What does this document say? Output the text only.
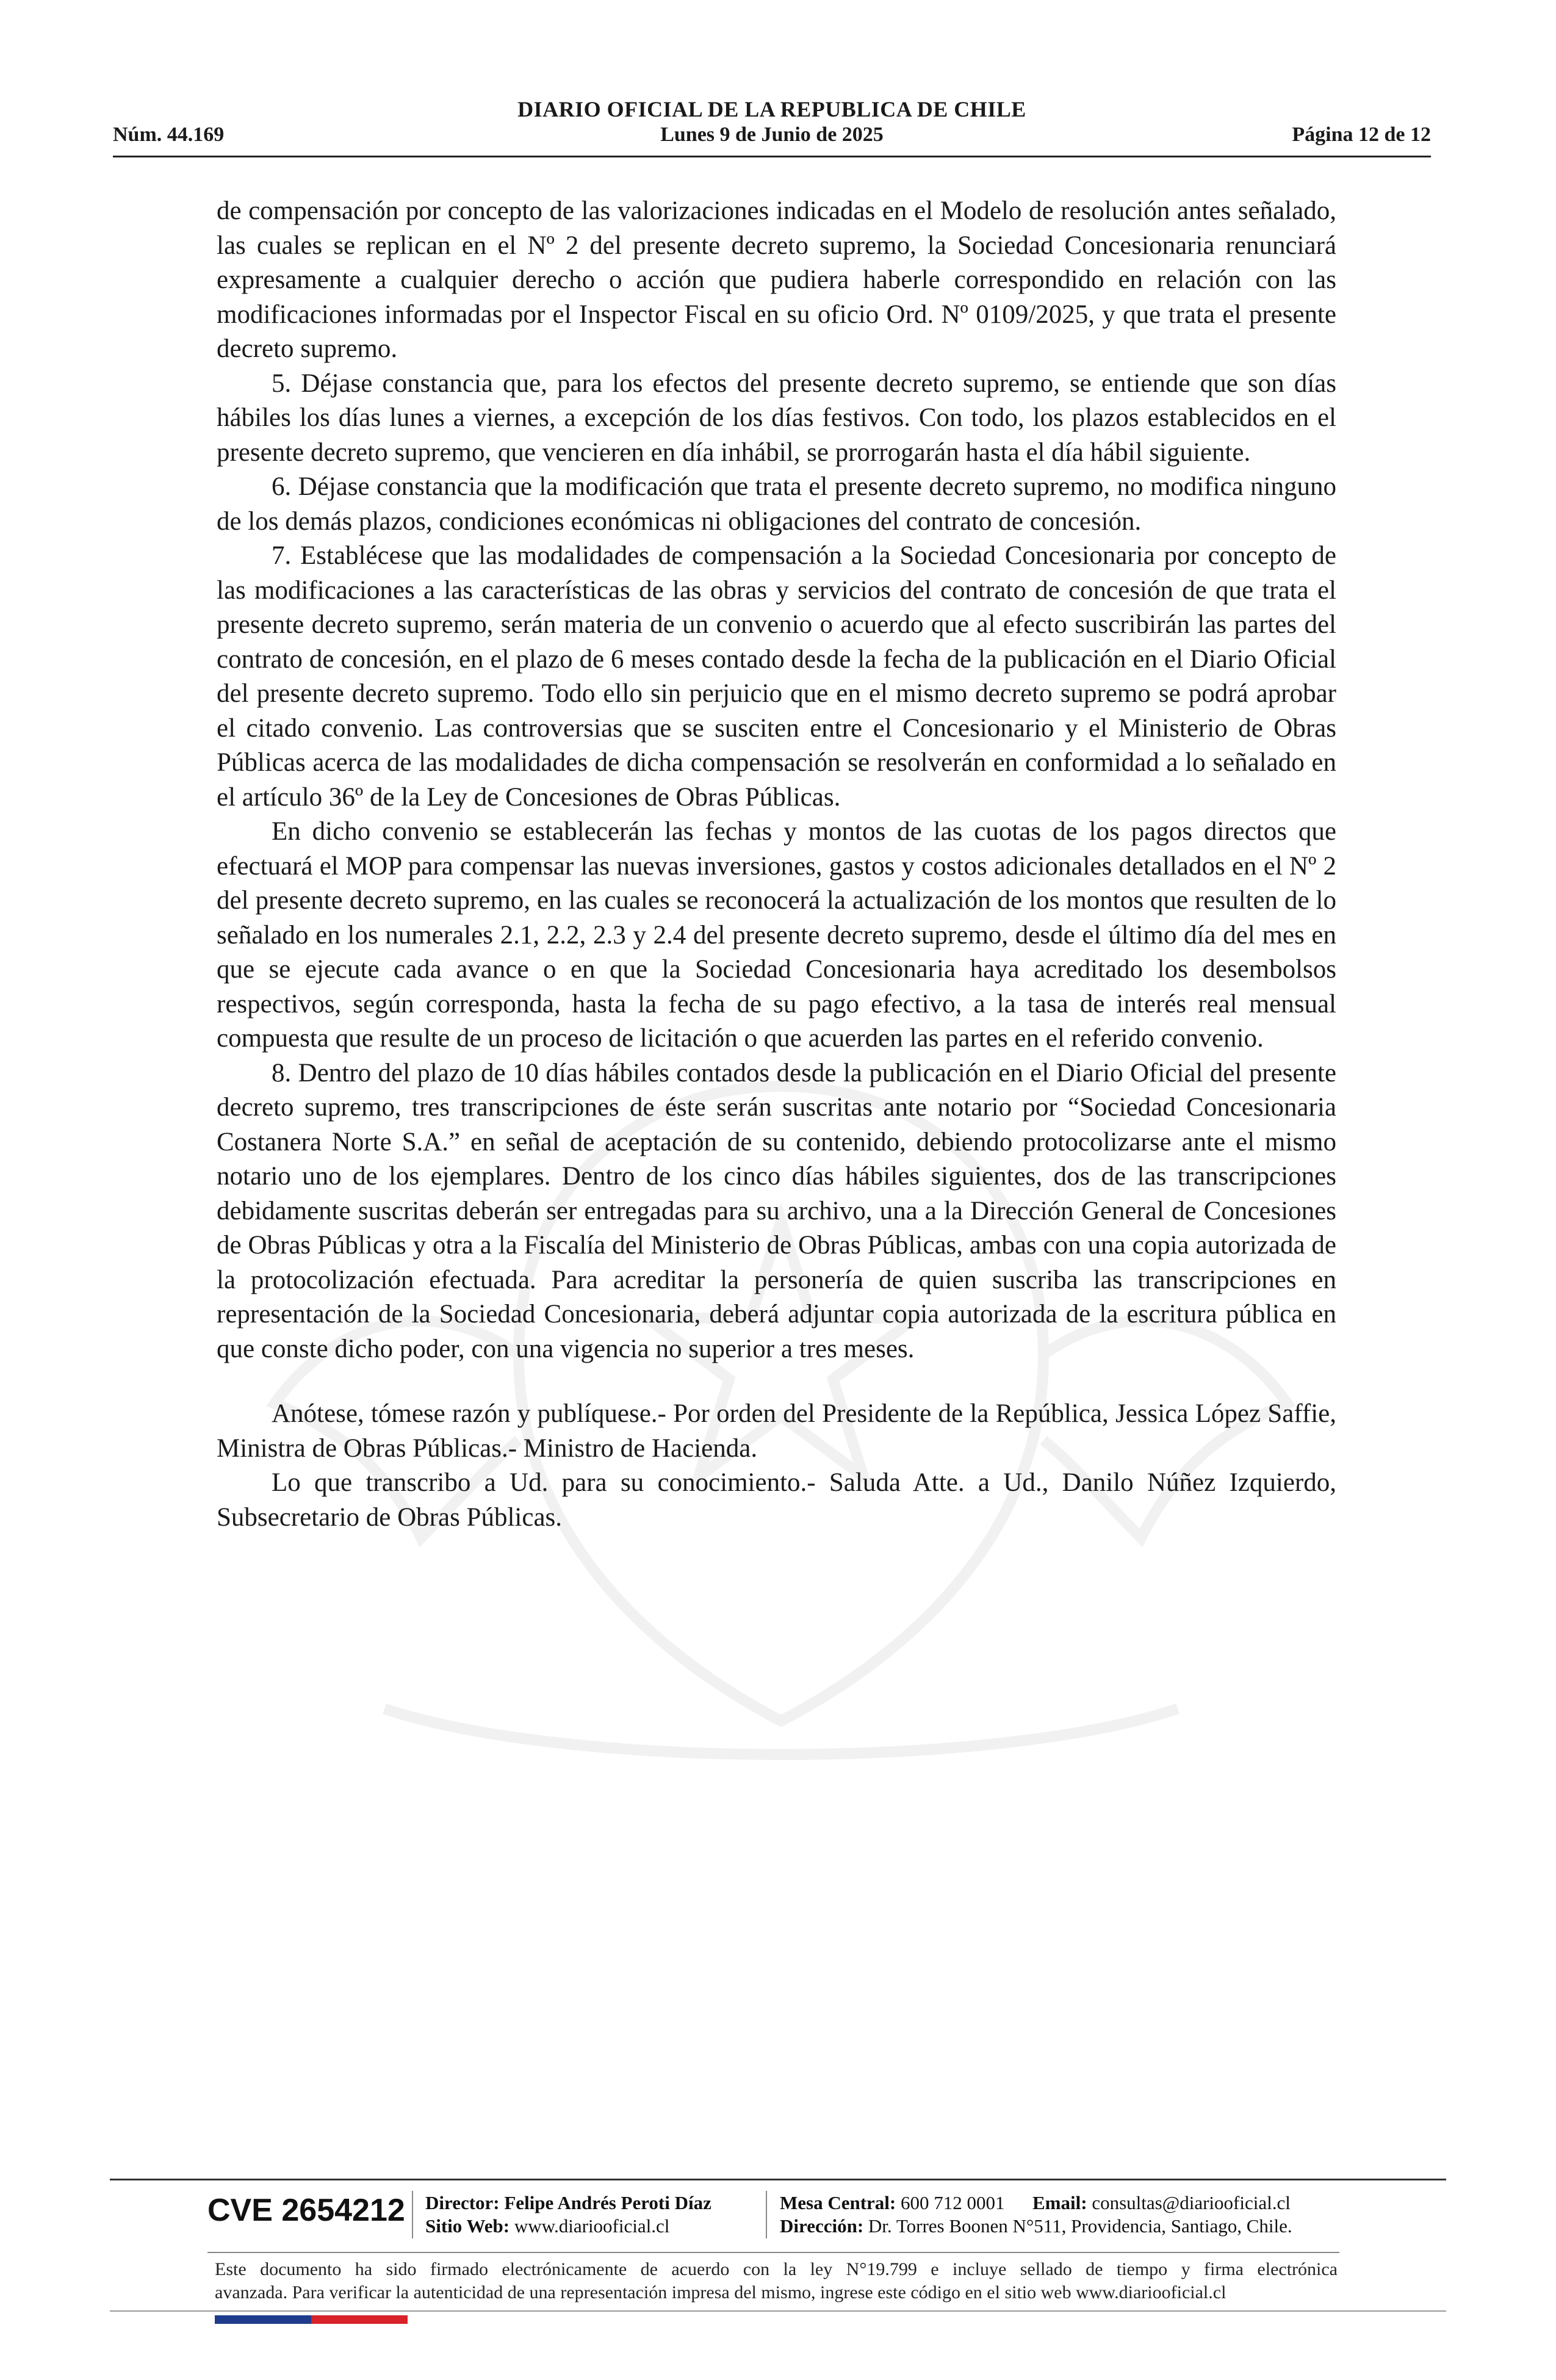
DIARIO OFICIAL DE LA REPUBLICA DE CHILE
Núm. 44.169	Lunes 9 de Junio de 2025	Página 12 de 12

de compensación por concepto de las valorizaciones indicadas en el Modelo de resolución antes señalado, las cuales se replican en el Nº 2 del presente decreto supremo, la Sociedad Concesionaria renunciará expresamente a cualquier derecho o acción que pudiera haberle correspondido en relación con las modificaciones informadas por el Inspector Fiscal en su oficio Ord. Nº 0109/2025, y que trata el presente decreto supremo.

5. Déjase constancia que, para los efectos del presente decreto supremo, se entiende que son días hábiles los días lunes a viernes, a excepción de los días festivos. Con todo, los plazos establecidos en el presente decreto supremo, que vencieren en día inhábil, se prorrogarán hasta el día hábil siguiente.

6. Déjase constancia que la modificación que trata el presente decreto supremo, no modifica ninguno de los demás plazos, condiciones económicas ni obligaciones del contrato de concesión.

7. Establécese que las modalidades de compensación a la Sociedad Concesionaria por concepto de las modificaciones a las características de las obras y servicios del contrato de concesión de que trata el presente decreto supremo, serán materia de un convenio o acuerdo que al efecto suscribirán las partes del contrato de concesión, en el plazo de 6 meses contado desde la fecha de la publicación en el Diario Oficial del presente decreto supremo. Todo ello sin perjuicio que en el mismo decreto supremo se podrá aprobar el citado convenio. Las controversias que se susciten entre el Concesionario y el Ministerio de Obras Públicas acerca de las modalidades de dicha compensación se resolverán en conformidad a lo señalado en el artículo 36º de la Ley de Concesiones de Obras Públicas.

En dicho convenio se establecerán las fechas y montos de las cuotas de los pagos directos que efectuará el MOP para compensar las nuevas inversiones, gastos y costos adicionales detallados en el Nº 2 del presente decreto supremo, en las cuales se reconocerá la actualización de los montos que resulten de lo señalado en los numerales 2.1, 2.2, 2.3 y 2.4 del presente decreto supremo, desde el último día del mes en que se ejecute cada avance o en que la Sociedad Concesionaria haya acreditado los desembolsos respectivos, según corresponda, hasta la fecha de su pago efectivo, a la tasa de interés real mensual compuesta que resulte de un proceso de licitación o que acuerden las partes en el referido convenio.

8. Dentro del plazo de 10 días hábiles contados desde la publicación en el Diario Oficial del presente decreto supremo, tres transcripciones de éste serán suscritas ante notario por “Sociedad Concesionaria Costanera Norte S.A.” en señal de aceptación de su contenido, debiendo protocolizarse ante el mismo notario uno de los ejemplares. Dentro de los cinco días hábiles siguientes, dos de las transcripciones debidamente suscritas deberán ser entregadas para su archivo, una a la Dirección General de Concesiones de Obras Públicas y otra a la Fiscalía del Ministerio de Obras Públicas, ambas con una copia autorizada de la protocolización efectuada. Para acreditar la personería de quien suscriba las transcripciones en representación de la Sociedad Concesionaria, deberá adjuntar copia autorizada de la escritura pública en que conste dicho poder, con una vigencia no superior a tres meses.

Anótese, tómese razón y publíquese.- Por orden del Presidente de la República, Jessica López Saffie, Ministra de Obras Públicas.- Ministro de Hacienda.

Lo que transcribo a Ud. para su conocimiento.- Saluda Atte. a Ud., Danilo Núñez Izquierdo, Subsecretario de Obras Públicas.

CVE 2654212 Director: Felipe Andrés Peroti Díaz
Sitio Web: www.diariooficial.cl
Mesa Central: 600 712 0001 Email: consultas@diariooficial.cl
Dirección: Dr. Torres Boonen N°511, Providencia, Santiago, Chile.
Este documento ha sido firmado electrónicamente de acuerdo con la ley N°19.799 e incluye sellado de tiempo y firma electrónica
avanzada. Para verificar la autenticidad de una representación impresa del mismo, ingrese este código en el sitio web www.diariooficial.cl
